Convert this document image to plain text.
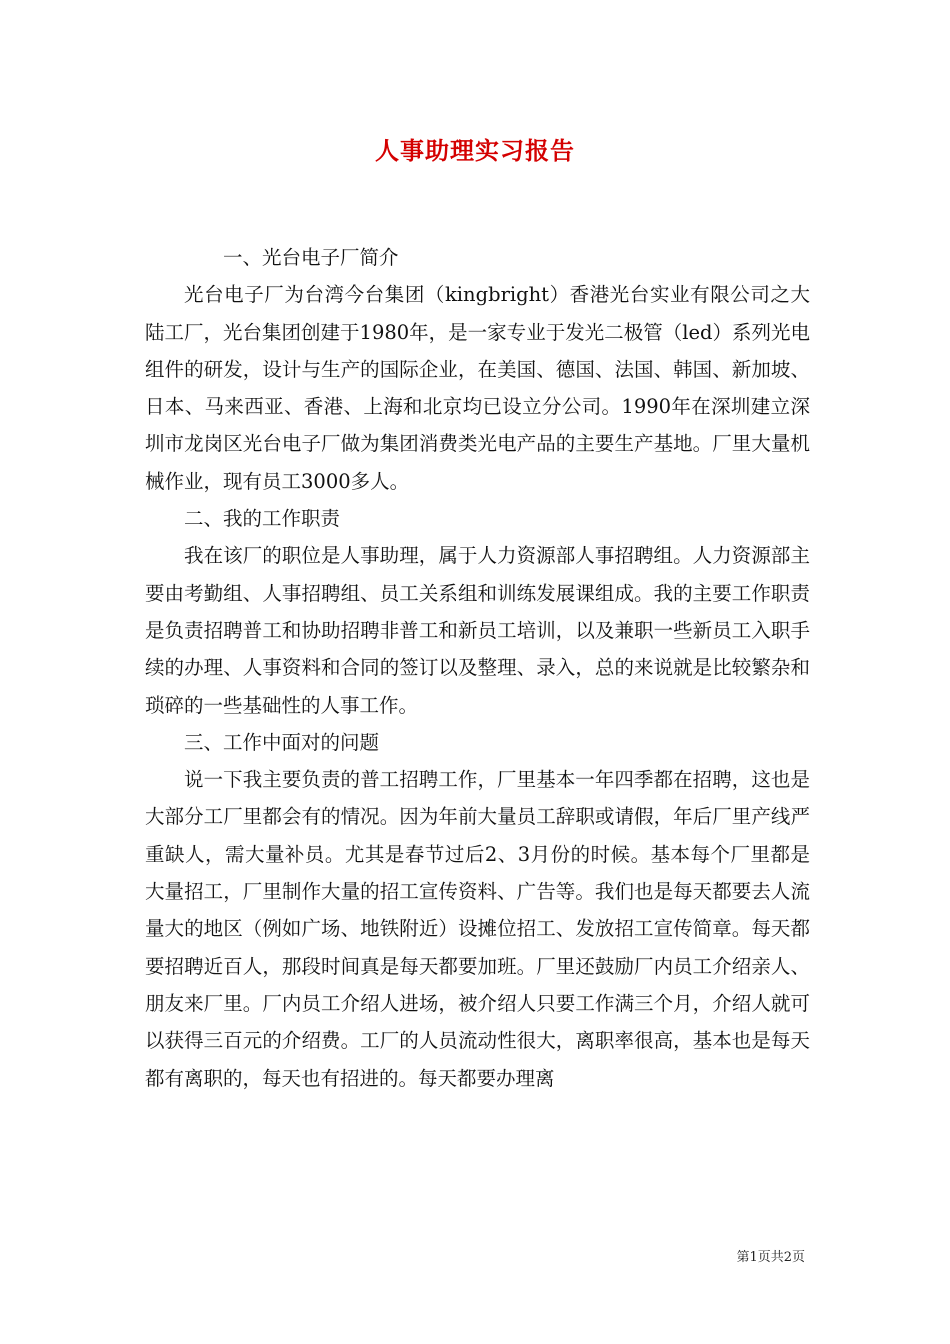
人事助理实习报告

一、光台电子厂简介

光台电子厂为台湾今台集团（kingbright）香港光台实业有限公司之大陆工厂，光台集团创建于1980年，是一家专业于发光二极管（led）系列光电组件的研发，设计与生产的国际企业，在美国、德国、法国、韩国、新加坡、日本、马来西亚、香港、上海和北京均已设立分公司。1990年在深圳建立深圳市龙岗区光台电子厂做为集团消费类光电产品的主要生产基地。厂里大量机械作业，现有员工3000多人。

二、我的工作职责

我在该厂的职位是人事助理，属于人力资源部人事招聘组。人力资源部主要由考勤组、人事招聘组、员工关系组和训练发展课组成。我的主要工作职责是负责招聘普工和协助招聘非普工和新员工培训，以及兼职一些新员工入职手续的办理、人事资料和合同的签订以及整理、录入，总的来说就是比较繁杂和琐碎的一些基础性的人事工作。

三、工作中面对的问题

说一下我主要负责的普工招聘工作，厂里基本一年四季都在招聘，这也是大部分工厂里都会有的情况。因为年前大量员工辞职或请假，年后厂里产线严重缺人，需大量补员。尤其是春节过后2、3月份的时候。基本每个厂里都是大量招工，厂里制作大量的招工宣传资料、广告等。我们也是每天都要去人流量大的地区（例如广场、地铁附近）设摊位招工、发放招工宣传简章。每天都要招聘近百人，那段时间真是每天都要加班。厂里还鼓励厂内员工介绍亲人、朋友来厂里。厂内员工介绍人进场，被介绍人只要工作满三个月，介绍人就可以获得三百元的介绍费。工厂的人员流动性很大，离职率很高，基本也是每天都有离职的，每天也有招进的。每天都要办理离

第1页共2页
